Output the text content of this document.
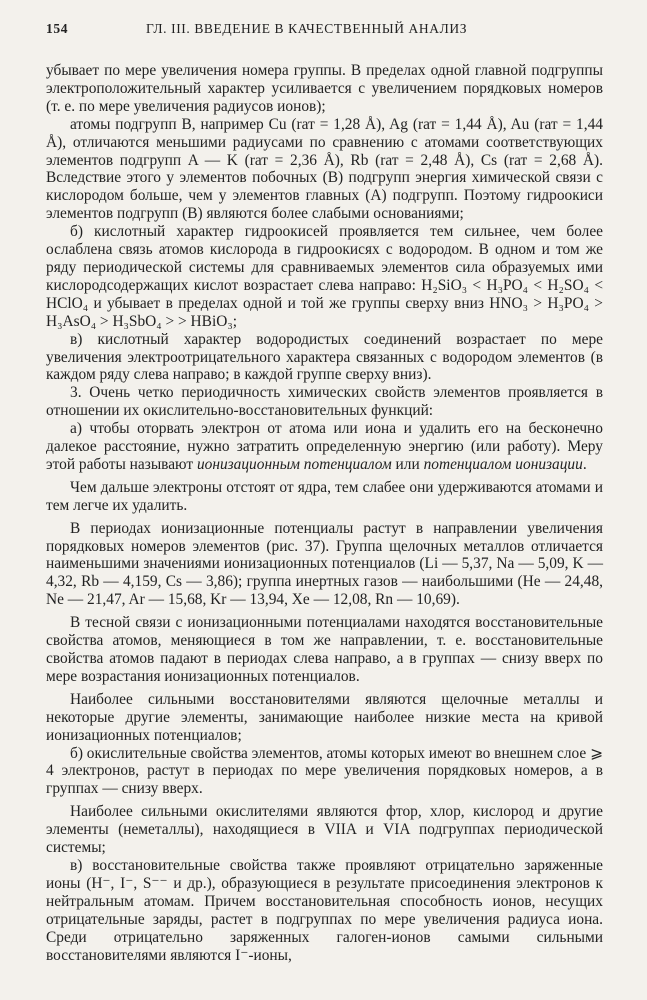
154	ГЛ. III. ВВЕДЕНИЕ В КАЧЕСТВЕННЫЙ АНАЛИЗ

убывает по мере увеличения номера группы. В пределах одной главной подгруппы электроположительный характер усиливается с увеличением порядковых номеров (т. е. по мере увеличения радиусов ионов);

атомы подгрупп B, например Cu (rат = 1,28 Å), Ag (rат = 1,44 Å), Au (rат = 1,44 Å), отличаются меньшими радиусами по сравнению с атомами соответствующих элементов подгрупп A — K (rат = 2,36 Å), Rb (rат = 2,48 Å), Cs (rат = 2,68 Å). Вследствие этого у элементов побочных (B) подгрупп энергия химической связи с кислородом больше, чем у элементов главных (A) подгрупп. Поэтому гидроокиси элементов подгрупп (B) являются более слабыми основаниями;

б) кислотный характер гидроокисей проявляется тем сильнее, чем более ослаблена связь атомов кислорода в гидроокисях с водородом. В одном и том же ряду периодической системы для сравниваемых элементов сила образуемых ими кислородсодержащих кислот возрастает слева направо: H₂SiO₃ < H₃PO₄ < H₂SO₄ < HClO₄ и убывает в пределах одной и той же группы сверху вниз HNO₃ > H₃PO₄ > H₃AsO₄ > H₃SbO₄ > > HBiO₃;

в) кислотный характер водородистых соединений возрастает по мере увеличения электроотрицательного характера связанных с водородом элементов (в каждом ряду слева направо; в каждой группе сверху вниз).

3. Очень четко периодичность химических свойств элементов проявляется в отношении их окислительно-восстановительных функций:

а) чтобы оторвать электрон от атома или иона и удалить его на бесконечно далекое расстояние, нужно затратить определенную энергию (или работу). Меру этой работы называют ионизационным потенциалом или потенциалом ионизации.

Чем дальше электроны отстоят от ядра, тем слабее они удерживаются атомами и тем легче их удалить.

В периодах ионизационные потенциалы растут в направлении увеличения порядковых номеров элементов (рис. 37). Группа щелочных металлов отличается наименьшими значениями ионизационных потенциалов (Li — 5,37, Na — 5,09, K — 4,32, Rb — 4,159, Cs — 3,86); группа инертных газов — наибольшими (He — 24,48, Ne — 21,47, Ar — 15,68, Kr — 13,94, Xe — 12,08, Rn — 10,69).

В тесной связи с ионизационными потенциалами находятся восстановительные свойства атомов, меняющиеся в том же направлении, т. е. восстановительные свойства атомов падают в периодах слева направо, а в группах — снизу вверх по мере возрастания ионизационных потенциалов.

Наиболее сильными восстановителями являются щелочные металлы и некоторые другие элементы, занимающие наиболее низкие места на кривой ионизационных потенциалов;

б) окислительные свойства элементов, атомы которых имеют во внешнем слое ⩾ 4 электронов, растут в периодах по мере увеличения порядковых номеров, а в группах — снизу вверх.

Наиболее сильными окислителями являются фтор, хлор, кислород и другие элементы (неметаллы), находящиеся в VIIA и VIA подгруппах периодической системы;

в) восстановительные свойства также проявляют отрицательно заряженные ионы (H⁻, I⁻, S⁻⁻ и др.), образующиеся в результате присоединения электронов к нейтральным атомам. Причем восстановительная способность ионов, несущих отрицательные заряды, растет в подгруппах по мере увеличения радиуса иона. Среди отрицательно заряженных галоген-ионов самыми сильными восстановителями являются I⁻-ионы,
